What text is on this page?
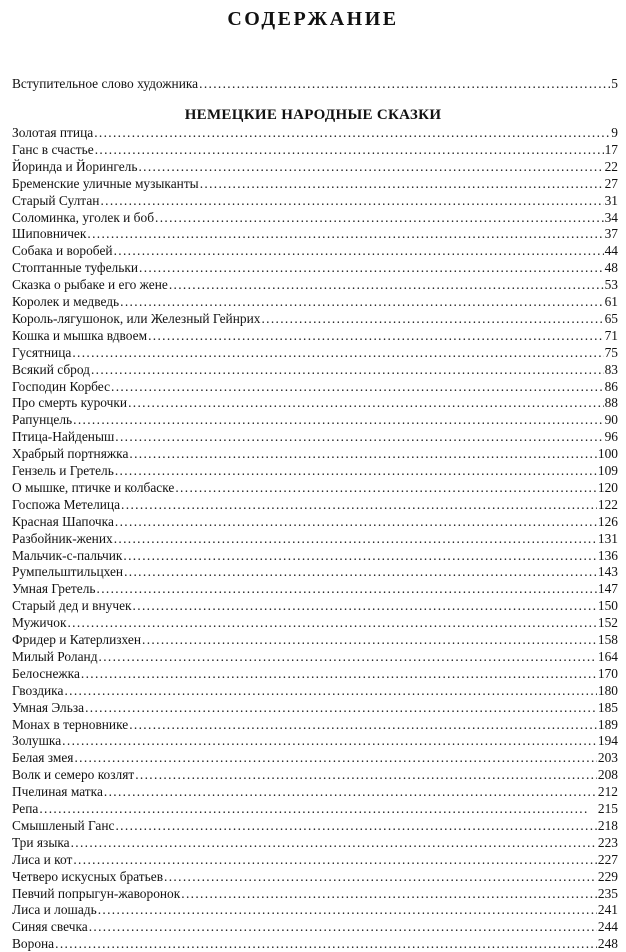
СОДЕРЖАНИЕ
Вступительное слово художника . . .	5
НЕМЕЦКИЕ НАРОДНЫЕ СКАЗКИ
Золотая птица . . .	9
Ганс в счастье . . .	17
Йоринда и Йорингель . . .	22
Бременские уличные музыканты . . .	27
Старый Султан . . .	31
Соломинка, уголек и боб . . .	34
Шиповничек . . .	37
Собака и воробей . . .	44
Стоптанные туфельки . . .	48
Сказка о рыбаке и его жене . . .	53
Королек и медведь . . .	61
Король-лягушонок, или Железный Гейнрих . . .	65
Кошка и мышка вдвоем . . .	71
Гусятница . . .	75
Всякий сброд . . .	83
Господин Корбес . . .	86
Про смерть курочки . . .	88
Рапунцель . . .	90
Птица-Найденыш . . .	96
Храбрый портняжка . . .	100
Гензель и Гретель . . .	109
О мышке, птичке и колбаске . . .	120
Госпожа Метелица . . .	122
Красная Шапочка . . .	126
Разбойник-жених . . .	131
Мальчик-с-пальчик . . .	136
Румпельштильцхен . . .	143
Умная Гретель . . .	147
Старый дед и внучек . . .	150
Мужичок . . .	152
Фридер и Катерлизхен . . .	158
Милый Роланд . . .	164
Белоснежка . . .	170
Гвоздика . . .	180
Умная Эльза . . .	185
Монах в терновнике . . .	189
Золушка . . .	194
Белая змея . . .	203
Волк и семеро козлят . . .	208
Пчелиная матка . . .	212
Репа . . .	215
Смышленый Ганс . . .	218
Три языка . . .	223
Лиса и кот . . .	227
Четверо искусных братьев . . .	229
Певчий попрыгун-жаворонок . . .	235
Лиса и лошадь . . .	241
Синяя свечка . . .	244
Ворона . . .	248
